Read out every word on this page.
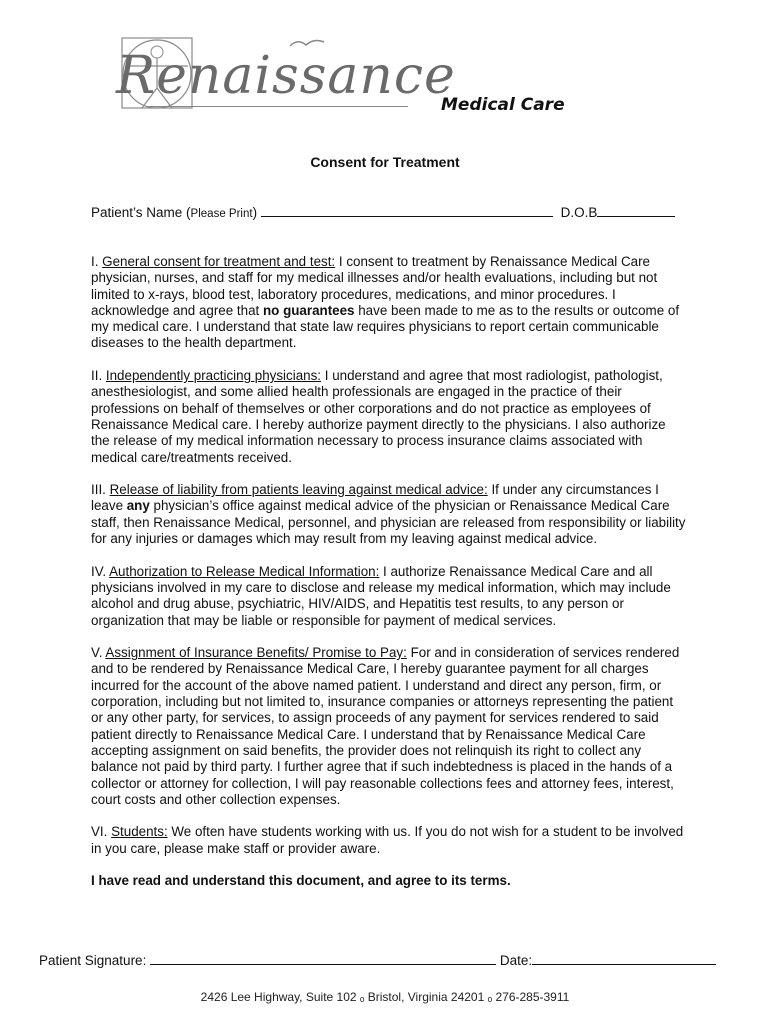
Renaissance
Medical Care
Consent for Treatment
Patient’s Name (Please Print)	D.O.B

I. General consent for treatment and test: I consent to treatment by Renaissance Medical Care physician, nurses, and staff for my medical illnesses and/or health evaluations, including but not limited to x-rays, blood test, laboratory procedures, medications, and minor procedures. I acknowledge and agree that no guarantees have been made to me as to the results or outcome of my medical care. I understand that state law requires physicians to report certain communicable diseases to the health department.

II. Independently practicing physicians: I understand and agree that most radiologist, pathologist, anesthesiologist, and some allied health professionals are engaged in the practice of their professions on behalf of themselves or other corporations and do not practice as employees of Renaissance Medical care. I hereby authorize payment directly to the physicians. I also authorize the release of my medical information necessary to process insurance claims associated with medical care/treatments received.

III. Release of liability from patients leaving against medical advice: If under any circumstances I leave any physician’s office against medical advice of the physician or Renaissance Medical Care staff, then Renaissance Medical, personnel, and physician are released from responsibility or liability for any injuries or damages which may result from my leaving against medical advice.

IV. Authorization to Release Medical Information: I authorize Renaissance Medical Care and all physicians involved in my care to disclose and release my medical information, which may include alcohol and drug abuse, psychiatric, HIV/AIDS, and Hepatitis test results, to any person or organization that may be liable or responsible for payment of medical services.

V. Assignment of Insurance Benefits/ Promise to Pay: For and in consideration of services rendered and to be rendered by Renaissance Medical Care, I hereby guarantee payment for all charges incurred for the account of the above named patient. I understand and direct any person, firm, or corporation, including but not limited to, insurance companies or attorneys representing the patient or any other party, for services, to assign proceeds of any payment for services rendered to said patient directly to Renaissance Medical Care. I understand that by Renaissance Medical Care accepting assignment on said benefits, the provider does not relinquish its right to collect any balance not paid by third party. I further agree that if such indebtedness is placed in the hands of a collector or attorney for collection, I will pay reasonable collections fees and attorney fees, interest, court costs and other collection expenses.

VI. Students: We often have students working with us. If you do not wish for a student to be involved in you care, please make staff or provider aware.

I have read and understand this document, and agree to its terms.

Patient Signature:	Date:
2426 Lee Highway, Suite 102 ₒ Bristol, Virginia 24201 ₒ 276-285-3911
